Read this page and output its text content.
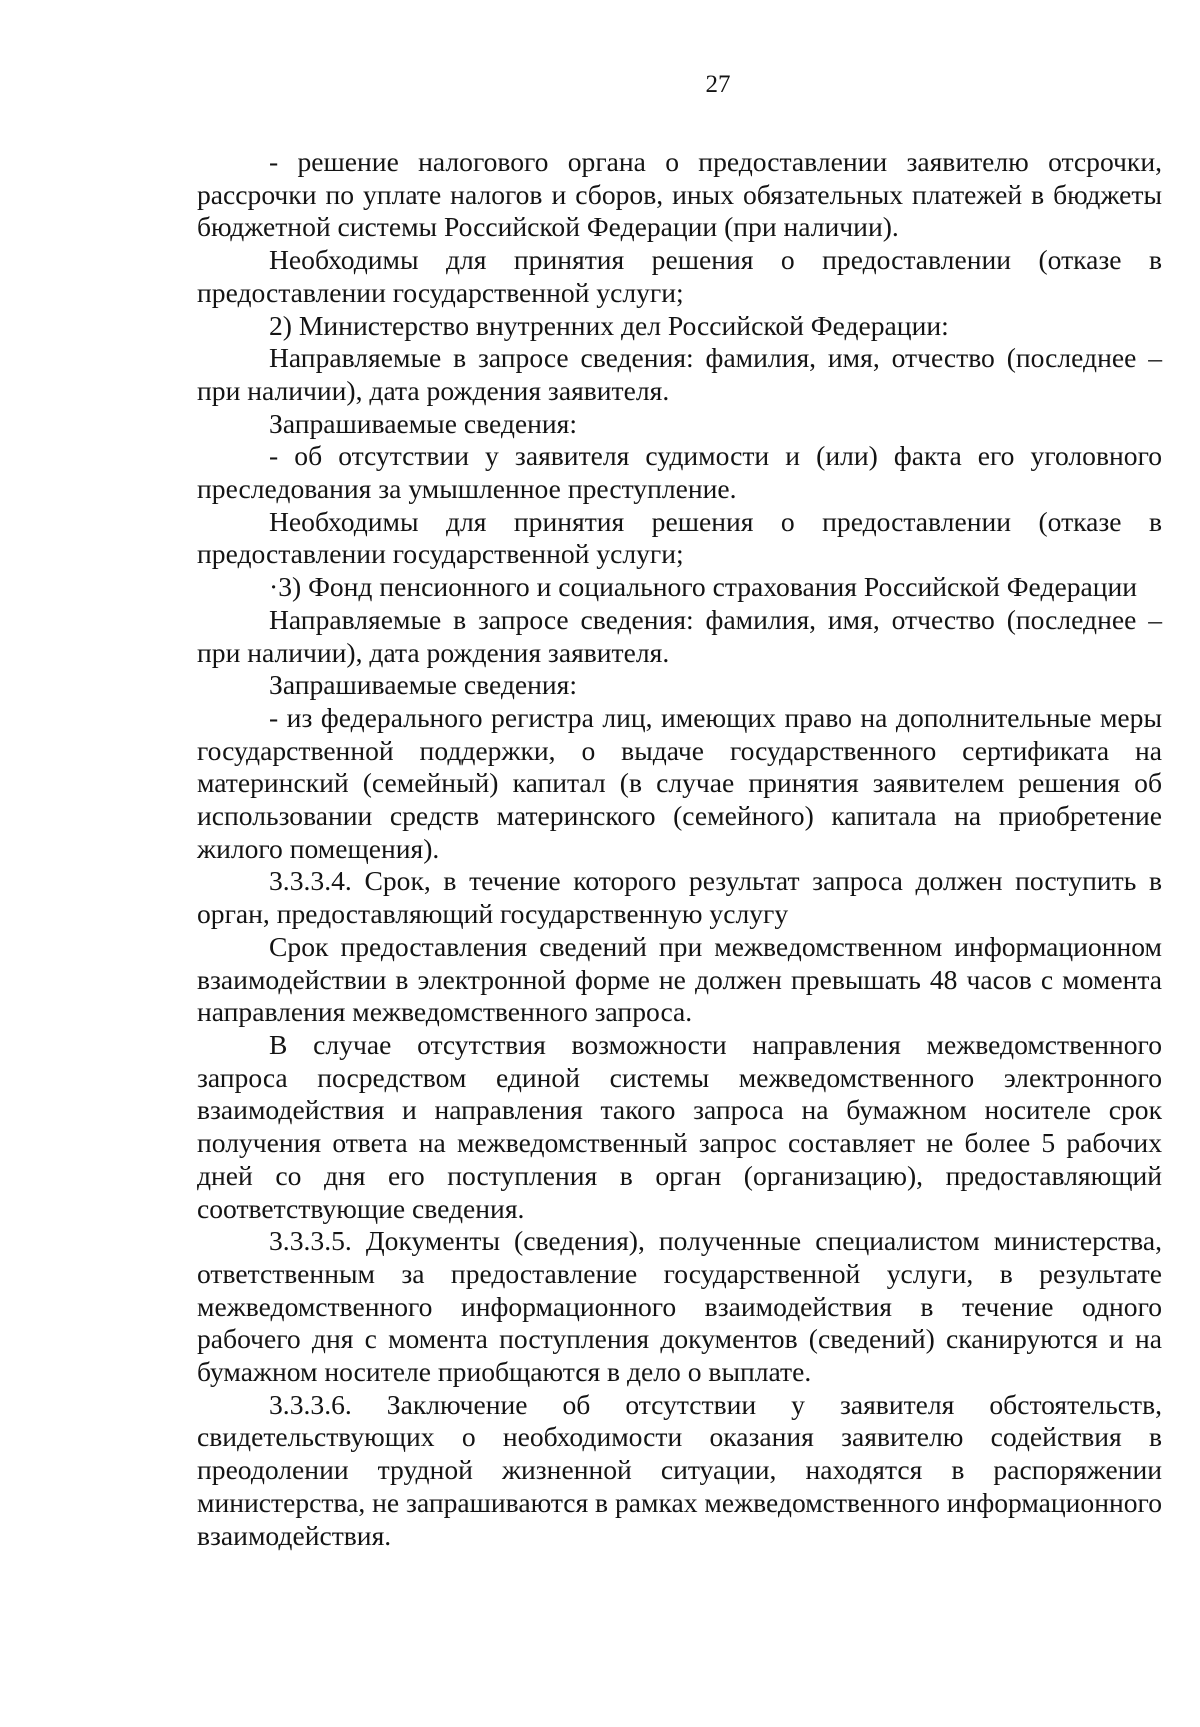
27

- решение налогового органа о предоставлении заявителю отсрочки, рассрочки по уплате налогов и сборов, иных обязательных платежей в бюджеты бюджетной системы Российской Федерации (при наличии).

Необходимы для принятия решения о предоставлении (отказе в предоставлении государственной услуги;

2) Министерство внутренних дел Российской Федерации:

Направляемые в запросе сведения: фамилия, имя, отчество (последнее – при наличии), дата рождения заявителя.

Запрашиваемые сведения:

- об отсутствии у заявителя судимости и (или) факта его уголовного преследования за умышленное преступление.

Необходимы для принятия решения о предоставлении (отказе в предоставлении государственной услуги;

·3) Фонд пенсионного и социального страхования Российской Федерации

Направляемые в запросе сведения: фамилия, имя, отчество (последнее – при наличии), дата рождения заявителя.

Запрашиваемые сведения:

- из федерального регистра лиц, имеющих право на дополнительные меры государственной поддержки, о выдаче государственного сертификата на материнский (семейный) капитал (в случае принятия заявителем решения об использовании средств материнского (семейного) капитала на приобретение жилого помещения).

3.3.3.4. Срок, в течение которого результат запроса должен поступить в орган, предоставляющий государственную услугу

Срок предоставления сведений при межведомственном информационном взаимодействии в электронной форме не должен превышать 48 часов с момента направления межведомственного запроса.

В случае отсутствия возможности направления межведомственного запроса посредством единой системы межведомственного электронного взаимодействия и направления такого запроса на бумажном носителе срок получения ответа на межведомственный запрос составляет не более 5 рабочих дней со дня его поступления в орган (организацию), предоставляющий соответствующие сведения.

3.3.3.5. Документы (сведения), полученные специалистом министерства, ответственным за предоставление государственной услуги, в результате межведомственного информационного взаимодействия в течение одного рабочего дня с момента поступления документов (сведений) сканируются и на бумажном носителе приобщаются в дело о выплате.

3.3.3.6. Заключение об отсутствии у заявителя обстоятельств, свидетельствующих о необходимости оказания заявителю содействия в преодолении трудной жизненной ситуации, находятся в распоряжении министерства, не запрашиваются в рамках межведомственного информационного взаимодействия.
